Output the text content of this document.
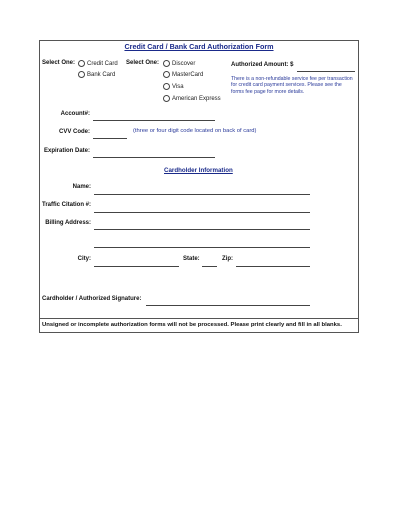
Credit Card / Bank Card Authorization Form
Select One:	Credit Card
Bank Card
Select One:	Discover
MasterCard
Visa
American Express
Authorized Amount: $
There is a non-refundable service fee per transaction for credit card payment services. Please see the forms fee page for more details.
Account#:
CVV Code:	(three or four digit code located on back of card)
Expiration Date:
Cardholder Information
Name:
Traffic Citation #:
Billing Address:
City:	State:	Zip:
Cardholder / Authorized Signature:
Unsigned or incomplete authorization forms will not be processed. Please print clearly and fill in all blanks.
